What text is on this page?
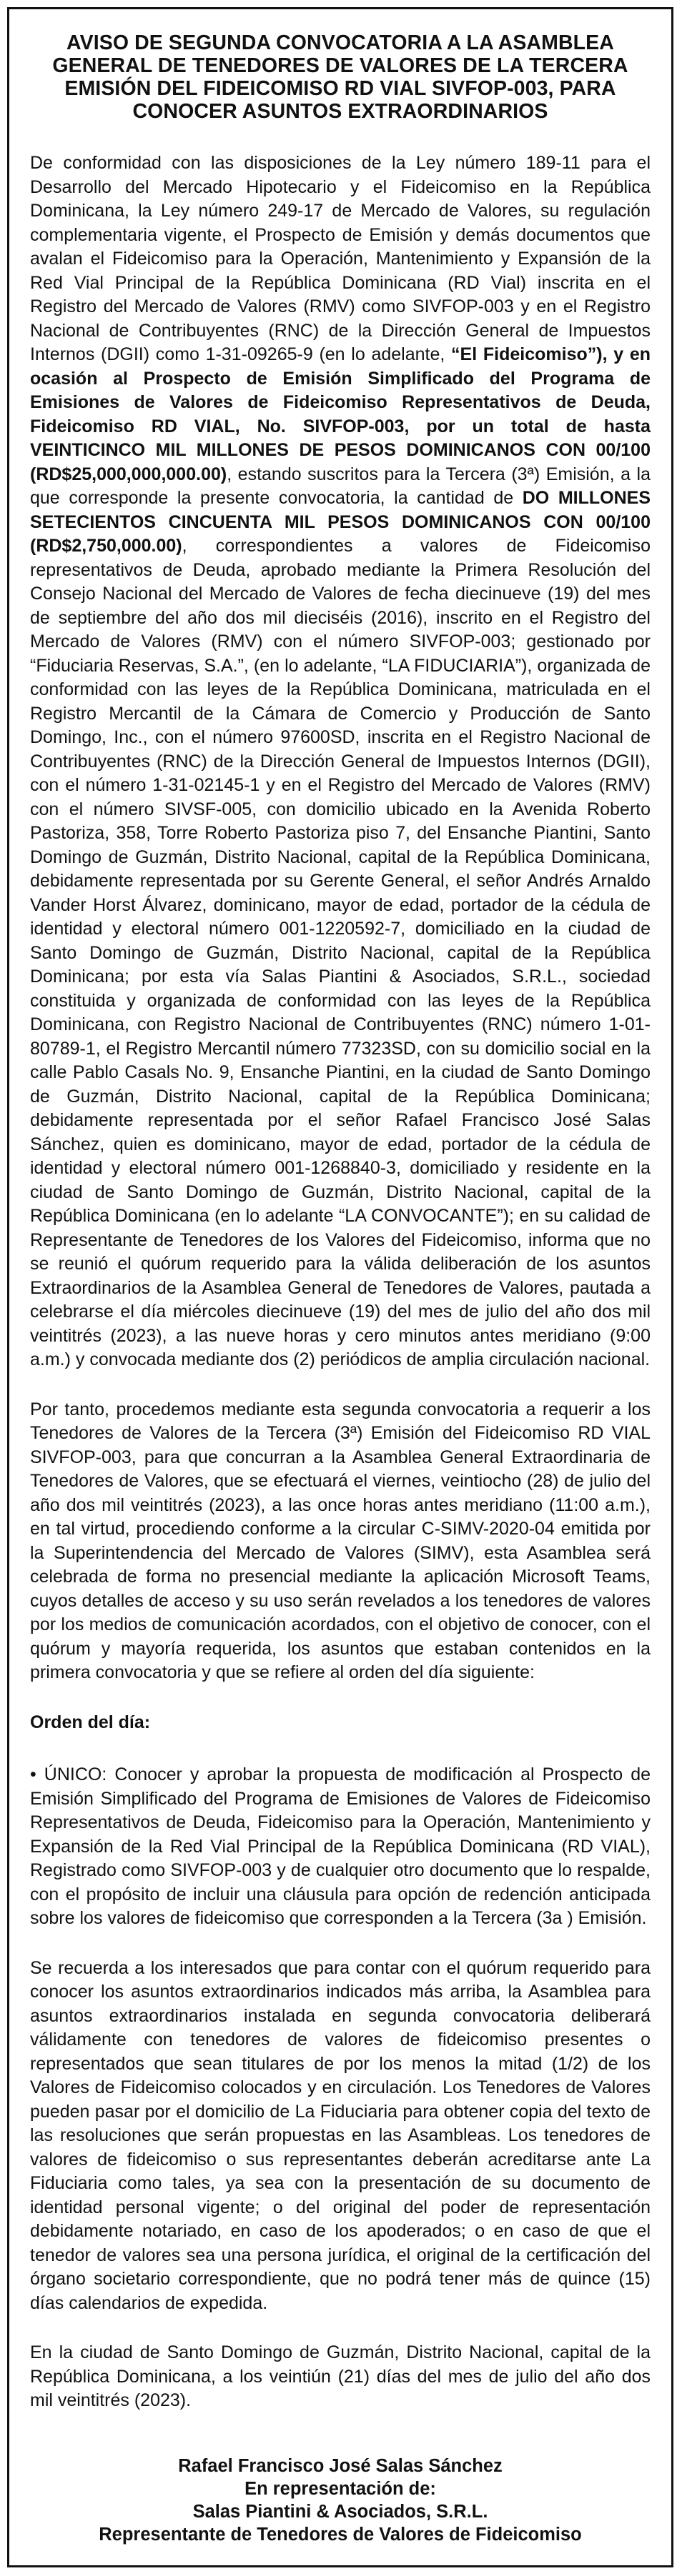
AVISO DE SEGUNDA CONVOCATORIA A LA ASAMBLEA GENERAL DE TENEDORES DE VALORES DE LA TERCERA EMISIÓN DEL FIDEICOMISO RD VIAL SIVFOP-003, PARA CONOCER ASUNTOS EXTRAORDINARIOS

De conformidad con las disposiciones de la Ley número 189-11 para el Desarrollo del Mercado Hipotecario y el Fideicomiso en la República Dominicana, la Ley número 249-17 de Mercado de Valores, su regulación complementaria vigente, el Prospecto de Emisión y demás documentos que avalan el Fideicomiso para la Operación, Mantenimiento y Expansión de la Red Vial Principal de la República Dominicana (RD Vial) inscrita en el Registro del Mercado de Valores (RMV) como SIVFOP-003 y en el Registro Nacional de Contribuyentes (RNC) de la Dirección General de Impuestos Internos (DGII) como 1-31-09265-9 (en lo adelante, “El Fideicomiso”), y en ocasión al Prospecto de Emisión Simplificado del Programa de Emisiones de Valores de Fideicomiso Representativos de Deuda, Fideicomiso RD VIAL, No. SIVFOP-003, por un total de hasta VEINTICINCO MIL MILLONES DE PESOS DOMINICANOS CON 00/100 (RD$25,000,000,000.00), estando suscritos para la Tercera (3ª) Emisión, a la que corresponde la presente convocatoria, la cantidad de DO MILLONES SETECIENTOS CINCUENTA MIL PESOS DOMINICANOS CON 00/100 (RD$2,750,000.00), correspondientes a valores de Fideicomiso representativos de Deuda, aprobado mediante la Primera Resolución del Consejo Nacional del Mercado de Valores de fecha diecinueve (19) del mes de septiembre del año dos mil dieciséis (2016), inscrito en el Registro del Mercado de Valores (RMV) con el número SIVFOP-003; gestionado por “Fiduciaria Reservas, S.A.”, (en lo adelante, “LA FIDUCIARIA”), organizada de conformidad con las leyes de la República Dominicana, matriculada en el Registro Mercantil de la Cámara de Comercio y Producción de Santo Domingo, Inc., con el número 97600SD, inscrita en el Registro Nacional de Contribuyentes (RNC) de la Dirección General de Impuestos Internos (DGII), con el número 1-31-02145-1 y en el Registro del Mercado de Valores (RMV) con el número SIVSF-005, con domicilio ubicado en la Avenida Roberto Pastoriza, 358, Torre Roberto Pastoriza piso 7, del Ensanche Piantini, Santo Domingo de Guzmán, Distrito Nacional, capital de la República Dominicana, debidamente representada por su Gerente General, el señor Andrés Arnaldo Vander Horst Álvarez, dominicano, mayor de edad, portador de la cédula de identidad y electoral número 001-1220592-7, domiciliado en la ciudad de Santo Domingo de Guzmán, Distrito Nacional, capital de la República Dominicana; por esta vía Salas Piantini & Asociados, S.R.L., sociedad constituida y organizada de conformidad con las leyes de la República Dominicana, con Registro Nacional de Contribuyentes (RNC) número 1-01-80789-1, el Registro Mercantil número 77323SD, con su domicilio social en la calle Pablo Casals No. 9, Ensanche Piantini, en la ciudad de Santo Domingo de Guzmán, Distrito Nacional, capital de la República Dominicana; debidamente representada por el señor Rafael Francisco José Salas Sánchez, quien es dominicano, mayor de edad, portador de la cédula de identidad y electoral número 001-1268840-3, domiciliado y residente en la ciudad de Santo Domingo de Guzmán, Distrito Nacional, capital de la República Dominicana (en lo adelante “LA CONVOCANTE”); en su calidad de Representante de Tenedores de los Valores del Fideicomiso, informa que no se reunió el quórum requerido para la válida deliberación de los asuntos Extraordinarios de la Asamblea General de Tenedores de Valores, pautada a celebrarse el día miércoles diecinueve (19) del mes de julio del año dos mil veintitrés (2023), a las nueve horas y cero minutos antes meridiano (9:00 a.m.) y convocada mediante dos (2) periódicos de amplia circulación nacional.

Por tanto, procedemos mediante esta segunda convocatoria a requerir a los Tenedores de Valores de la Tercera (3ª) Emisión del Fideicomiso RD VIAL SIVFOP-003, para que concurran a la Asamblea General Extraordinaria de Tenedores de Valores, que se efectuará el viernes, veintiocho (28) de julio del año dos mil veintitrés (2023), a las once horas antes meridiano (11:00 a.m.), en tal virtud, procediendo conforme a la circular C-SIMV-2020-04 emitida por la Superintendencia del Mercado de Valores (SIMV), esta Asamblea será celebrada de forma no presencial mediante la aplicación Microsoft Teams, cuyos detalles de acceso y su uso serán revelados a los tenedores de valores por los medios de comunicación acordados, con el objetivo de conocer, con el quórum y mayoría requerida, los asuntos que estaban contenidos en la primera convocatoria y que se refiere al orden del día siguiente:

Orden del día:

• ÚNICO: Conocer y aprobar la propuesta de modificación al Prospecto de Emisión Simplificado del Programa de Emisiones de Valores de Fideicomiso Representativos de Deuda, Fideicomiso para la Operación, Mantenimiento y Expansión de la Red Vial Principal de la República Dominicana (RD VIAL), Registrado como SIVFOP-003 y de cualquier otro documento que lo respalde, con el propósito de incluir una cláusula para opción de redención anticipada sobre los valores de fideicomiso que corresponden a la Tercera (3a ) Emisión.

Se recuerda a los interesados que para contar con el quórum requerido para conocer los asuntos extraordinarios indicados más arriba, la Asamblea para asuntos extraordinarios instalada en segunda convocatoria deliberará válidamente con tenedores de valores de fideicomiso presentes o representados que sean titulares de por los menos la mitad (1/2) de los Valores de Fideicomiso colocados y en circulación. Los Tenedores de Valores pueden pasar por el domicilio de La Fiduciaria para obtener copia del texto de las resoluciones que serán propuestas en las Asambleas. Los tenedores de valores de fideicomiso o sus representantes deberán acreditarse ante La Fiduciaria como tales, ya sea con la presentación de su documento de identidad personal vigente; o del original del poder de representación debidamente notariado, en caso de los apoderados; o en caso de que el tenedor de valores sea una persona jurídica, el original de la certificación del órgano societario correspondiente, que no podrá tener más de quince (15) días calendarios de expedida.

En la ciudad de Santo Domingo de Guzmán, Distrito Nacional, capital de la República Dominicana, a los veintiún (21) días del mes de julio del año dos mil veintitrés (2023).

Rafael Francisco José Salas Sánchez
En representación de:
Salas Piantini & Asociados, S.R.L.
Representante de Tenedores de Valores de Fideicomiso
